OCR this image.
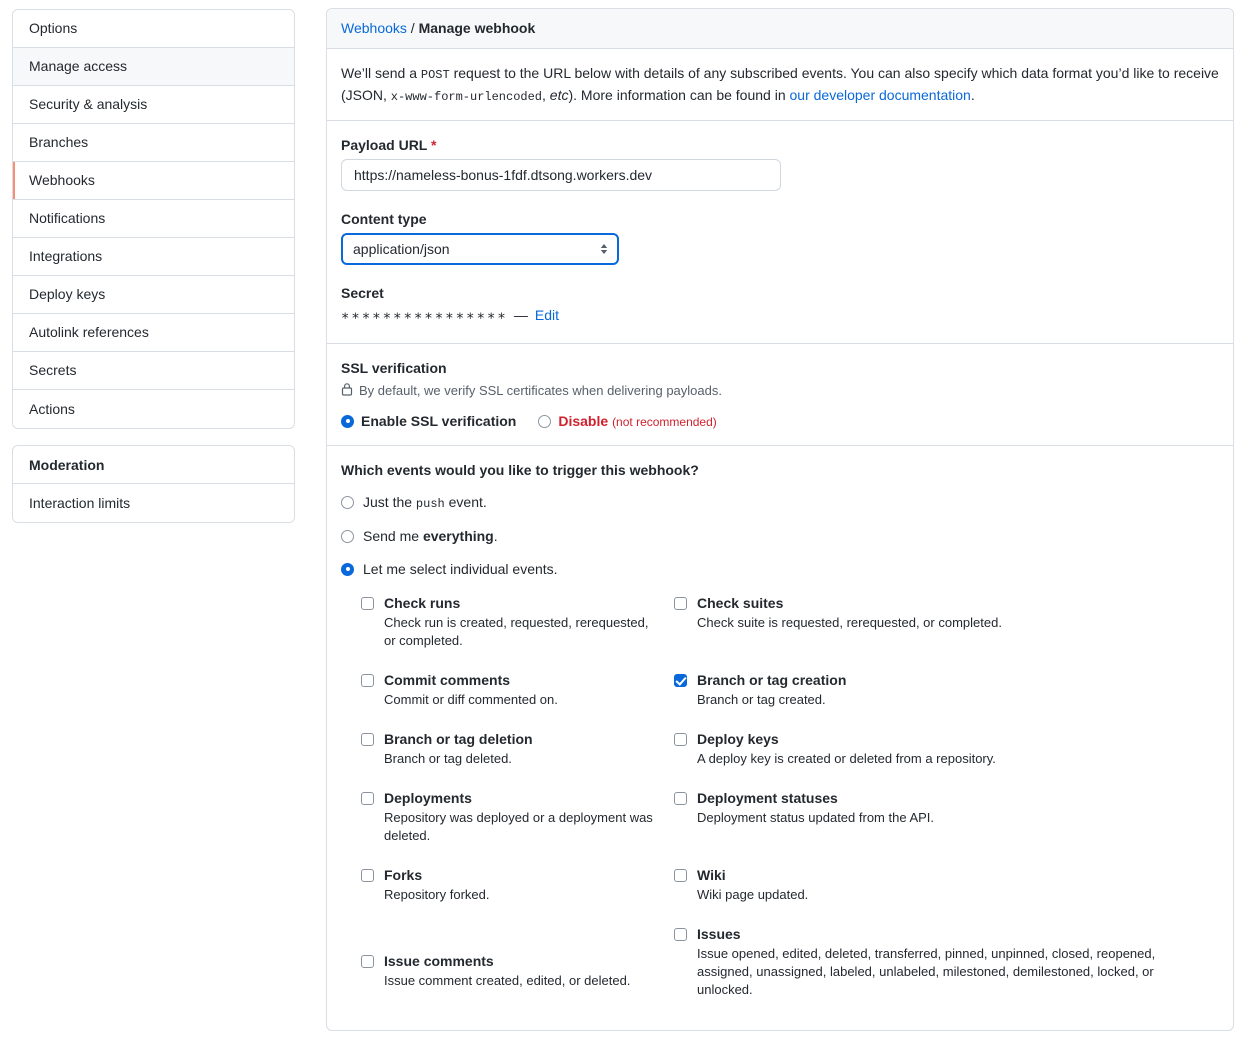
Options
Manage access
Security & analysis
Branches
Webhooks
Notifications
Integrations
Deploy keys
Autolink references
Secrets
Actions
Moderation
Interaction limits
Webhooks / Manage webhook

We’ll send a POST request to the URL below with details of any subscribed events. You can also specify which data format you’d like to receive (JSON, x-www-form-urlencoded, etc). More information can be found in our developer documentation.

Payload URL *
https://nameless-bonus-1fdf.dtsong.workers.dev
Content type
application/json
Secret
∗∗∗∗∗∗∗∗∗∗∗∗∗∗∗∗ — Edit
SSL verification
By default, we verify SSL certificates when delivering payloads.
Enable SSL verification	Disable (not recommended)

Which events would you like to trigger this webhook?

Just the push event.
Send me everything.
Let me select individual events.
Check runs
Check run is created, requested, rerequested, or completed.
Check suites
Check suite is requested, rerequested, or completed.
Commit comments
Commit or diff commented on.
Branch or tag creation
Branch or tag created.
Branch or tag deletion
Branch or tag deleted.
Deploy keys
A deploy key is created or deleted from a repository.
Deployments
Repository was deployed or a deployment was deleted.
Deployment statuses
Deployment status updated from the API.
Forks
Repository forked.
Wiki
Wiki page updated.
Issue comments
Issue comment created, edited, or deleted.
Issues
Issue opened, edited, deleted, transferred, pinned, unpinned, closed, reopened, assigned, unassigned, labeled, unlabeled, milestoned, demilestoned, locked, or unlocked.
